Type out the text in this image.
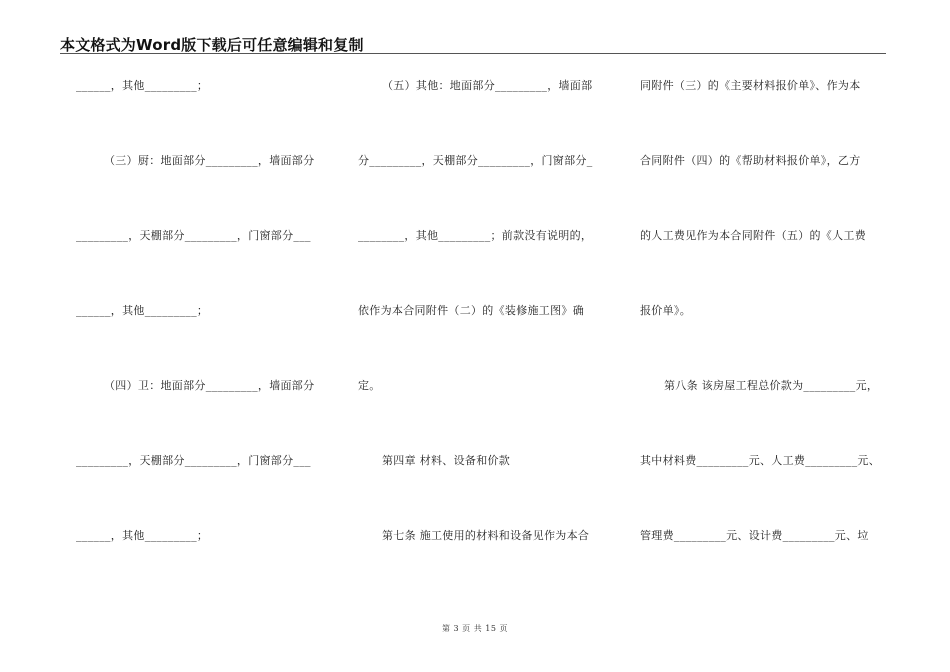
本文格式为Word版下载后可任意编辑和复制
______，其他_________；
（三）厨：地面部分_________，墙面部分
_________，天棚部分_________，门窗部分___
______，其他_________；
（四）卫：地面部分_________，墙面部分
_________，天棚部分_________，门窗部分___
______，其他_________；
（五）其他：地面部分_________，墙面部
分_________，天棚部分_________，门窗部分_
________，其他_________；前款没有说明的，
依作为本合同附件（二）的《装修施工图》确
定。
第四章 材料、设备和价款
第七条 施工使用的材料和设备见作为本合
同附件（三）的《主要材料报价单》、作为本
合同附件（四）的《帮助材料报价单》，乙方
的人工费见作为本合同附件（五）的《人工费
报价单》。
第八条 该房屋工程总价款为_________元，
其中材料费_________元、人工费_________元、
管理费_________元、设计费_________元、垃
第 3 页 共 15 页
